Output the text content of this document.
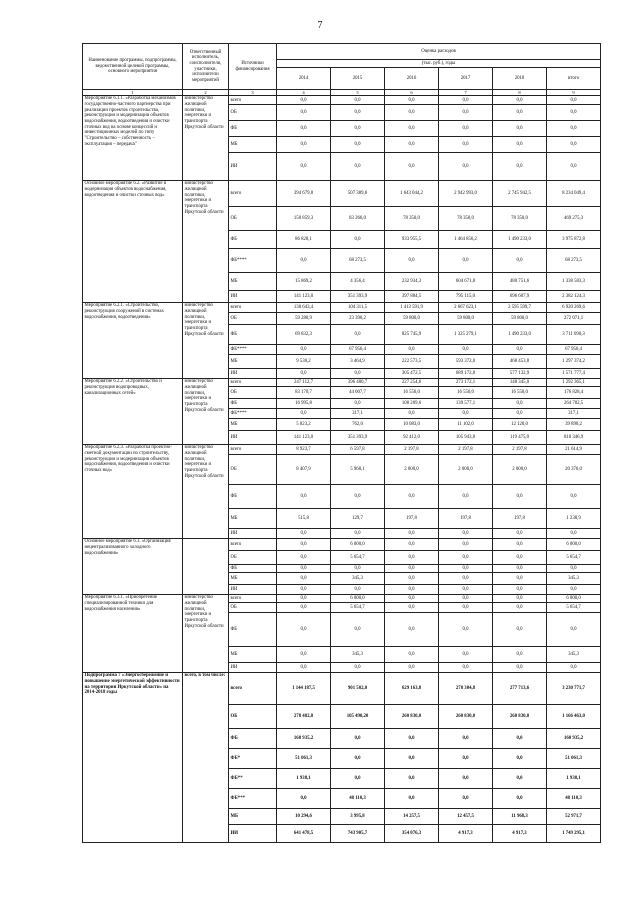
7
Наименование программы, подпрограммы, ведомственной целевой программы, основного мероприятия	Ответственный исполнитель, соисполнители, участники, исполнители мероприятий	Источники финансирования	Оценка расходов					
			(тыс. руб.), годы					
			2014	2015	2016	2017	2018	итого
1	2	3	4	5	6	7	8	9
Мероприятие 6.1.1. «Разработка механизмов государственно-частного партнерства при реализации проектов строительства, реконструкции и модернизации объектов водоснабжения, водоотведения и очистки сточных вод на основе концессий и инвестиционных моделей по типу "Строительство – собственность – эксплуатация – передача"	министерство жилищной политики, энергетики и транспорта Иркутской области	всего	0,0	0,0	0,0	0,0	0,0	0,0
		ОБ	0,0	0,0	0,0	0,0	0,0	0,0
		ФБ	0,0	0,0	0,0	0,0	0,0	0,0
		МБ	0,0	0,0	0,0	0,0	0,0	0,0
		ИИ	0,0	0,0	0,0	0,0	0,0	0,0
Основное мероприятие 6.2. «Развитие и модернизация объектов водоснабжения, водоотведения и очистки сточных вод»	министерство жилищной политики, энергетики и транспорта Иркутской области	всего	394 679,8	507 389,8	1 643 044,2	2 942 993,0	2 745 942,5	8 234 049,4
		ОБ	150 859,3	83 266,0	78 350,0	78 350,0	78 350,0	469 275,3
		ФБ	86 828,1	0,0	933 955,5	1 464 856,2	1 490 233,0	3 975 872,8
		ФБ****	0,0	68 273,5	0,0	0,0	0,0	68 273,5
		МБ	15 869,2	4 356,4	232 934,3	604 671,8	480 751,6	1 338 583,3
		ИИ	141 123,0	351 393,9	397 884,5	795 115,0	696 607,9	2 382 124,3
Мероприятие 6.2.1. «Строительство, реконструкция сооружений в системах водоснабжения, водоотведения»	министерство жилищной политики, энергетики и транспорта Иркутской области	всего	138 643,4	104 311,5	1 413 591,9	2 667 623,1	2 595 599,7	6 920 269,6
		ОБ	59 280,9	23 390,2	59 800,0	59 800,0	59 800,0	272 071,1
		ФБ	69 832,3	0,0	825 745,9	1 325 279,1	1 490 233,0	3 711 090,3
		ФБ****	0,0	67 956,4	0,0	0,0	0,0	67 956,4
		МБ	9 530,2	3 464,9	222 573,5	593 372,0	468 453,8	1 297 374,2
		ИИ	0,0	0,0	305 472,5	689 172,0	577 132,9	1 571 777,4
Мероприятие 6.2.2. «Строительство и реконструкция водопроводных, канализационных сетей»	министерство жилищной политики, энергетики и транспорта Иркутской области	всего	247 112,7	396 480,7	227 254,6	273 172,1	148 345,0	1 292 365,1
		ОБ	83 170,7	44 007,7	16 550,0	16 550,0	16 550,0	176 828,4
		ФБ	16 995,8	0,0	108 209,6	139 577,1	0,0	264 782,5
		ФБ****	0,0	317,1	0,0	0,0	0,0	317,1
		МБ	5 823,2	762,0	10 083,0	11 102,0	12 120,0	39 890,2
		ИИ	141 123,0	351 393,9	92 412,0	105 943,0	119 475,0	810 346,9
Мероприятие 6.2.3. «Разработка проектно-сметной документации по строительству, реконструкции и модернизации объектов водоснабжения, водоотведения и очистки сточных вод»	министерство жилищной политики, энергетики и транспорта Иркутской области	всего	8 923,7	6 597,8	2 197,8	2 197,8	2 197,8	21 614,9
		ОБ	8 407,9	5 968,1	2 000,0	2 000,0	2 000,0	20 376,0
		ФБ	0,0	0,0	0,0	0,0	0,0	0,0
		МБ	515,8	129,7	197,8	197,8	197,8	1 238,9
		ИИ	0,0	0,0	0,0	0,0	0,0	0,0
Основное мероприятие 6.3. «Организация нецентрализованного холодного водоснабжения»		всего	0,0	6 000,0	0,0	0,0	0,0	6 000,0
		ОБ	0,0	5 654,7	0,0	0,0	0,0	5 654,7
		ФБ	0,0	0,0	0,0	0,0	0,0	0,0
		МБ	0,0	345,3	0,0	0,0	0,0	345,3
		ИИ	0,0	0,0	0,0	0,0	0,0	0,0
Мероприятие 6.3.1. «Приобретение специализированной техники для водоснабжения населения»	министерство жилищной политики, энергетики и транспорта Иркутской области	всего	0,0	6 000,0	0,0	0,0	0,0	6 000,0
		ОБ	0,0	5 654,7	0,0	0,0	0,0	5 654,7
		ФБ	0,0	0,0	0,0	0,0	0,0	0,0
		МБ	0,0	345,3	0,0	0,0	0,0	345,3
		ИИ	0,0	0,0	0,0	0,0	0,0	0,0
Подпрограмма 7 «Энергосбережение и повышение энергетической эффективности на территории Иркутской области» на 2014-2018 годы	всего, в том числе:	всего	1 144 187,5	901 502,0	629 163,8	278 304,8	277 713,6	3 230 771,7
		ОБ	278 482,8	105 490,20	260 830,0	260 830,0	260 830,0	1 166 463,0
		ФБ	160 935,2	0,0	0,0	0,0	0,0	160 935,2
		ФБ*	51 061,3	0,0	0,0	0,0	0,0	51 061,3
		ФБ**	1 938,1	0,0	0,0	0,0	0,0	1 938,1
		ФБ***	0,0	48 110,3	0,0	0,0	0,0	48 110,3
		МБ	10 294,6	3 995,8	14 257,5	12 457,5	11 968,3	52 971,7
		ИИ	641 478,5	743 905,7	354 076,3	4 917,3	4 917,3	1 749 295,1
